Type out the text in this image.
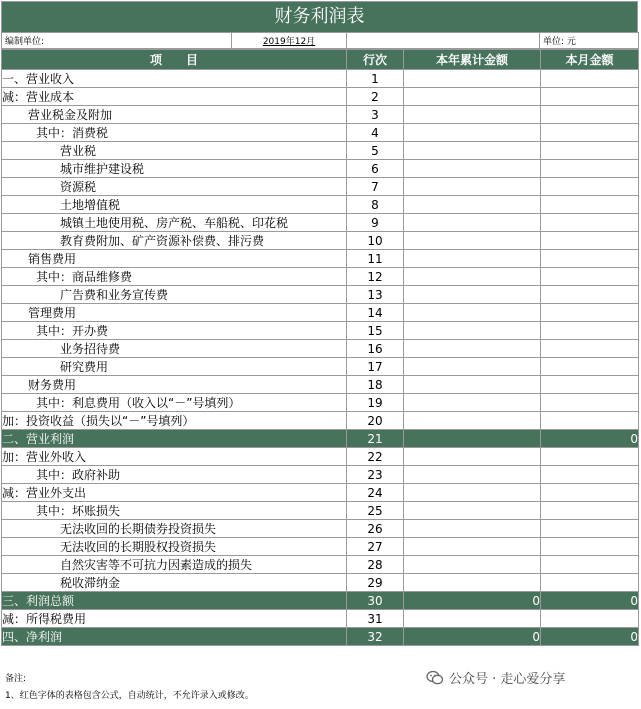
财务利润表
编制单位:	2019年12月		单位: 元
项　　目	行次	本年累计金额	本月金额
一、营业收入	1		
减：营业成本	2		
营业税金及附加	3		
其中：消费税	4		
营业税	5		
城市维护建设税	6		
资源税	7		
土地增值税	8		
城镇土地使用税、房产税、车船税、印花税	9		
教育费附加、矿产资源补偿费、排污费	10		
销售费用	11		
其中：商品维修费	12		
广告费和业务宣传费	13		
管理费用	14		
其中：开办费	15		
业务招待费	16		
研究费用	17		
财务费用	18		
其中：利息费用（收入以“－”号填列）	19		
加：投资收益（损失以“－”号填列）	20		
二、营业利润	21		0
加：营业外收入	22		
其中：政府补助	23		
减：营业外支出	24		
其中：坏账损失	25		
无法收回的长期债券投资损失	26		
无法收回的长期股权投资损失	27		
自然灾害等不可抗力因素造成的损失	28		
税收滞纳金	29		
三、利润总额	30	0	0
减：所得税费用	31		
四、净利润	32	0	0
备注:
1、红色字体的表格包含公式，自动统计，不允许录入或修改。
公众号 · 走心爱分享
